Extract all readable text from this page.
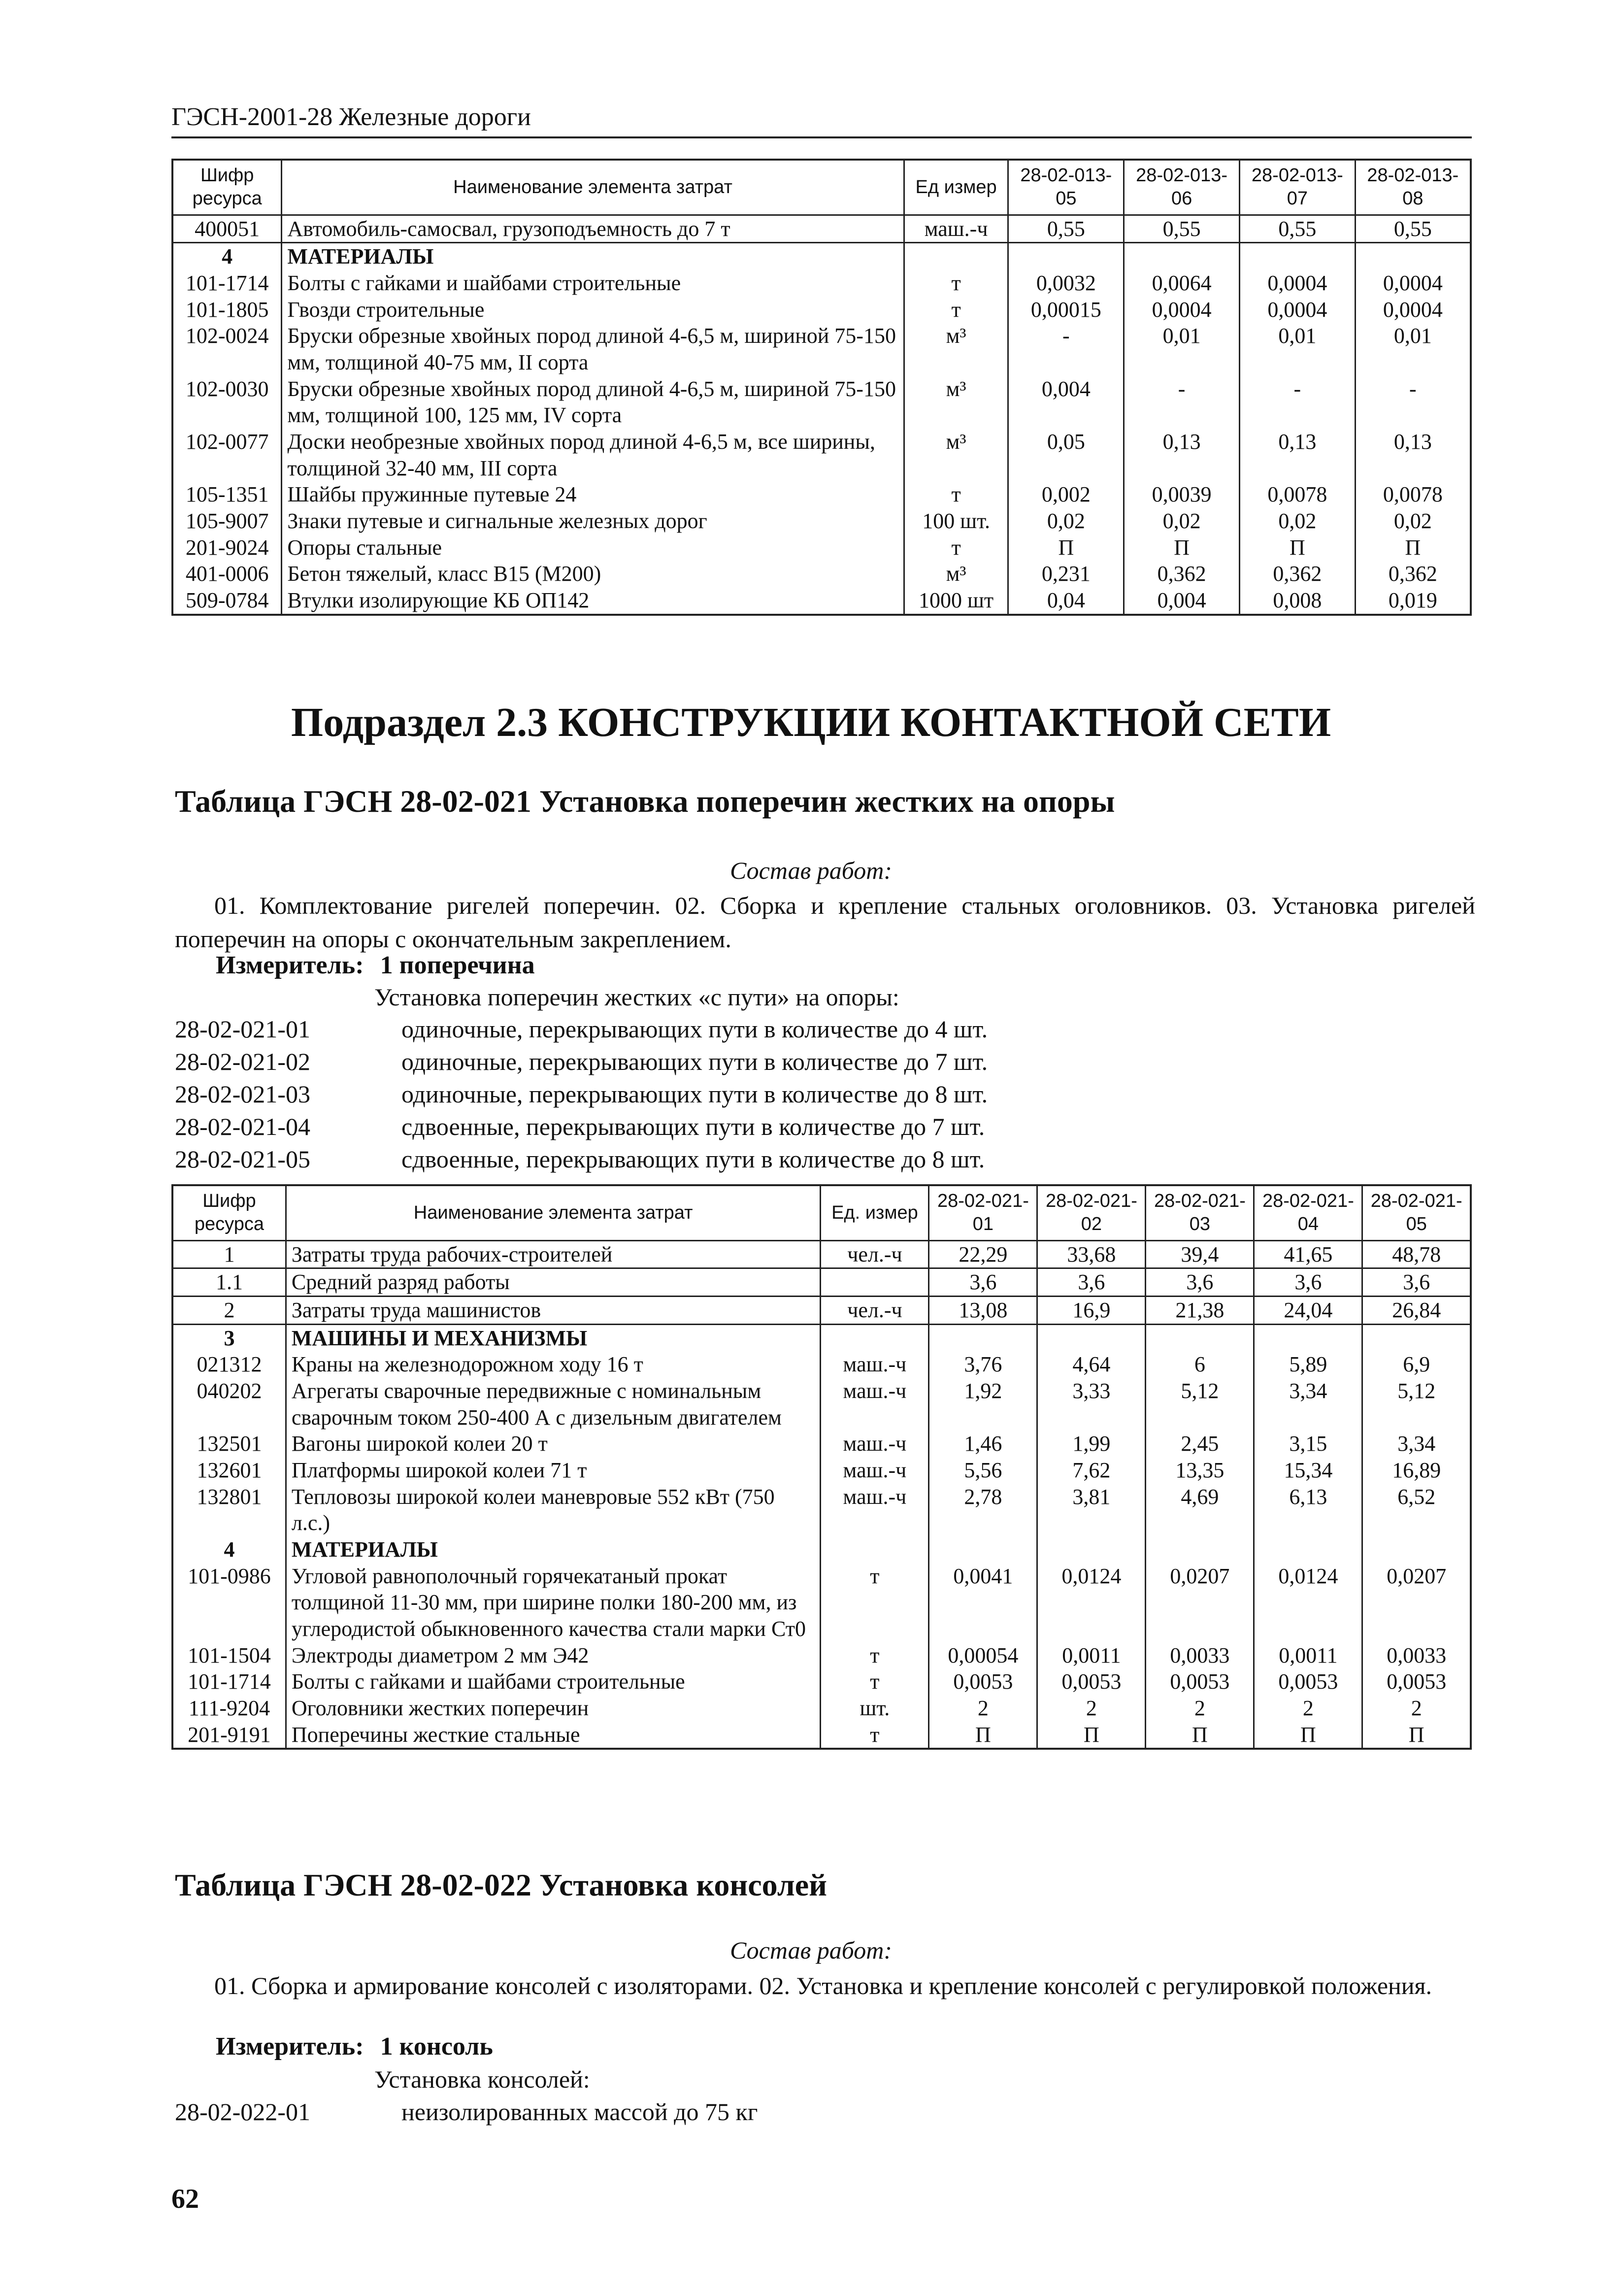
ГЭСН-2001-28 Железные дороги
Шифр ресурса	Наименование элемента затрат	Ед измер	28-02-013-05	28-02-013-06	28-02-013-07	28-02-013-08
400051	Автомобиль-самосвал, грузоподъемность до 7 т	маш.-ч	0,55	0,55	0,55	0,55
4	МАТЕРИАЛЫ					
101-1714	Болты с гайками и шайбами строительные	т	0,0032	0,0064	0,0004	0,0004
101-1805	Гвозди строительные	т	0,00015	0,0004	0,0004	0,0004
102-0024	Бруски обрезные хвойных пород длиной 4-6,5 м, шириной 75-150 мм, толщиной 40-75 мм, II сорта	м³	-	0,01	0,01	0,01
102-0030	Бруски обрезные хвойных пород длиной 4-6,5 м, шириной 75-150 мм, толщиной 100, 125 мм, IV сорта	м³	0,004	-	-	-
102-0077	Доски необрезные хвойных пород длиной 4-6,5 м, все ширины, толщиной 32-40 мм, III сорта	м³	0,05	0,13	0,13	0,13
105-1351	Шайбы пружинные путевые 24	т	0,002	0,0039	0,0078	0,0078
105-9007	Знаки путевые и сигнальные железных дорог	100 шт.	0,02	0,02	0,02	0,02
201-9024	Опоры стальные	т	П	П	П	П
401-0006	Бетон тяжелый, класс В15 (М200)	м³	0,231	0,362	0,362	0,362
509-0784	Втулки изолирующие КБ ОП142	1000 шт	0,04	0,004	0,008	0,019
Подраздел 2.3 КОНСТРУКЦИИ КОНТАКТНОЙ СЕТИ
Таблица ГЭСН 28-02-021 Установка поперечин жестких на опоры
Состав работ:
01. Комплектование ригелей поперечин. 02. Сборка и крепление стальных оголовников. 03. Установка ригелей поперечин на опоры с окончательным закреплением.
Измеритель: 1 поперечина
Установка поперечин жестких «с пути» на опоры:
28-02-021-01	одиночные, перекрывающих пути в количестве до 4 шт.
28-02-021-02	одиночные, перекрывающих пути в количестве до 7 шт.
28-02-021-03	одиночные, перекрывающих пути в количестве до 8 шт.
28-02-021-04	сдвоенные, перекрывающих пути в количестве до 7 шт.
28-02-021-05	сдвоенные, перекрывающих пути в количестве до 8 шт.
Шифр ресурса	Наименование элемента затрат	Ед. измер	28-02-021-01	28-02-021-02	28-02-021-03	28-02-021-04	28-02-021-05
1	Затраты труда рабочих-строителей	чел.-ч	22,29	33,68	39,4	41,65	48,78
1.1	Средний разряд работы		3,6	3,6	3,6	3,6	3,6
2	Затраты труда машинистов	чел.-ч	13,08	16,9	21,38	24,04	26,84
3	МАШИНЫ И МЕХАНИЗМЫ						
021312	Краны на железнодорожном ходу 16 т	маш.-ч	3,76	4,64	6	5,89	6,9
040202	Агрегаты сварочные передвижные с номинальным сварочным током 250-400 А с дизельным двигателем	маш.-ч	1,92	3,33	5,12	3,34	5,12
132501	Вагоны широкой колеи 20 т	маш.-ч	1,46	1,99	2,45	3,15	3,34
132601	Платформы широкой колеи 71 т	маш.-ч	5,56	7,62	13,35	15,34	16,89
132801	Тепловозы широкой колеи маневровые 552 кВт (750 л.с.)	маш.-ч	2,78	3,81	4,69	6,13	6,52
4	МАТЕРИАЛЫ						
101-0986	Угловой равнополочный горячекатаный прокат толщиной 11-30 мм, при ширине полки 180-200 мм, из углеродистой обыкновенного качества стали марки Ст0	т	0,0041	0,0124	0,0207	0,0124	0,0207
101-1504	Электроды диаметром 2 мм Э42	т	0,00054	0,0011	0,0033	0,0011	0,0033
101-1714	Болты с гайками и шайбами строительные	т	0,0053	0,0053	0,0053	0,0053	0,0053
111-9204	Оголовники жестких поперечин	шт.	2	2	2	2	2
201-9191	Поперечины жесткие стальные	т	П	П	П	П	П
Таблица ГЭСН 28-02-022 Установка консолей
Состав работ:
01. Сборка и армирование консолей с изоляторами. 02. Установка и крепление консолей с регулировкой положения.
Измеритель: 1 консоль
Установка консолей:
28-02-022-01	неизолированных массой до 75 кг
62
